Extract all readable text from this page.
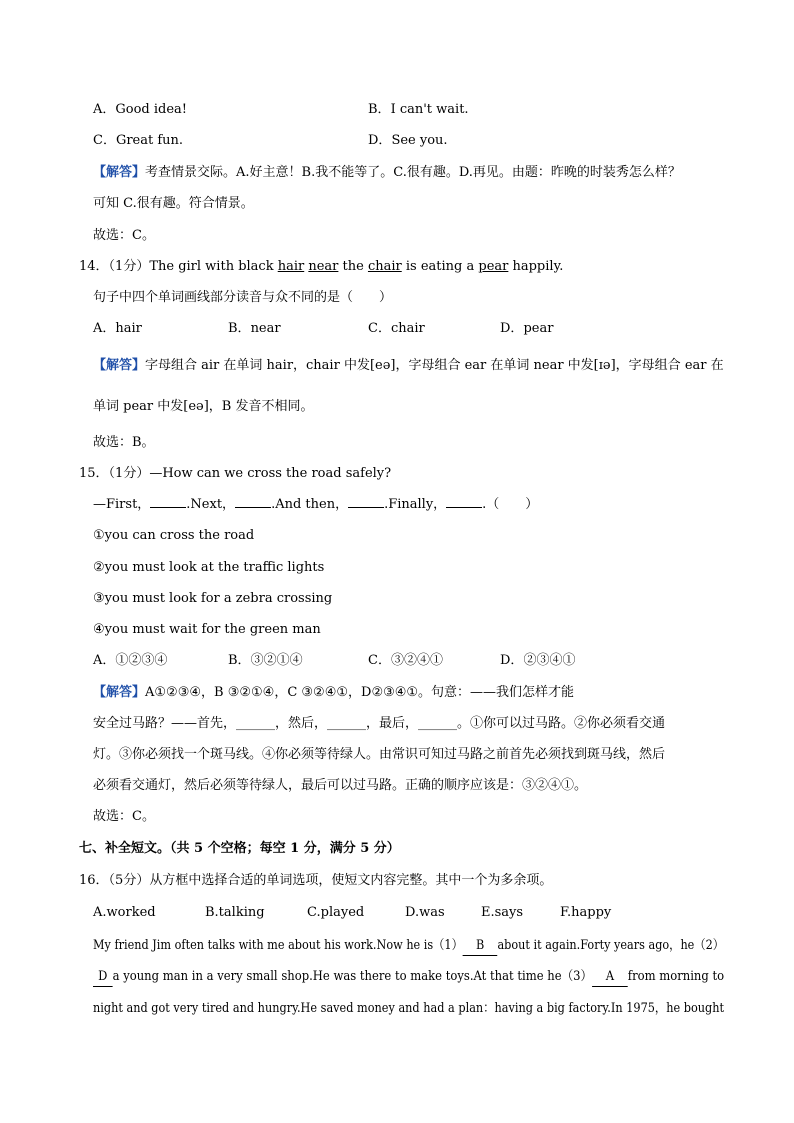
A．Good idea!	B．I can't wait.
C．Great fun.	D．See you.
【解答】考查情景交际。A.好主意！B.我不能等了。C.很有趣。D.再见。由题：昨晚的时装秀怎么样？
可知 C.很有趣。符合情景。
故选：C。
14．（1分）The girl with black hair near the chair is eating a pear happily.
句子中四个单词画线部分读音与众不同的是（　　）
A．hair	B．near	C．chair	D．pear
【解答】字母组合 air 在单词 hair，chair 中发[eə]，字母组合 ear 在单词 near 中发[ɪə]，字母组合 ear 在
单词 pear 中发[eə]，B 发音不相同。
故选：B。
15．（1分）—How can we cross the road safely?
—First，	.Next，	.And then，	.Finally，	.（　　）
①you can cross the road
②you must look at the traffic lights
③you must look for a zebra crossing
④you must wait for the green man
A．①②③④	B．③②①④	C．③②④①	D．②③④①
【解答】A①②③④，B ③②①④，C ③②④①，D②③④①。句意：——我们怎样才能
安全过马路？——首先，______，然后，______，最后，______。①你可以过马路。②你必须看交通
灯。③你必须找一个斑马线。④你必须等待绿人。由常识可知过马路之前首先必须找到斑马线，然后
必须看交通灯，然后必须等待绿人，最后可以过马路。正确的顺序应该是：③②④①。
故选：C。
七、补全短文。（共 5 个空格；每空 1 分，满分 5 分）
16．（5分）从方框中选择合适的单词选项，使短文内容完整。其中一个为多余项。
A.worked	B.talking	C.played	D.was	E.says	F.happy
My friend Jim often talks with me about his work.Now he is（1） B about it again.Forty years ago，he（2）
D a young man in a very small shop.He was there to make toys.At that time he（3） A from morning to
night and got very tired and hungry.He saved money and had a plan：having a big factory.In 1975，he bought
